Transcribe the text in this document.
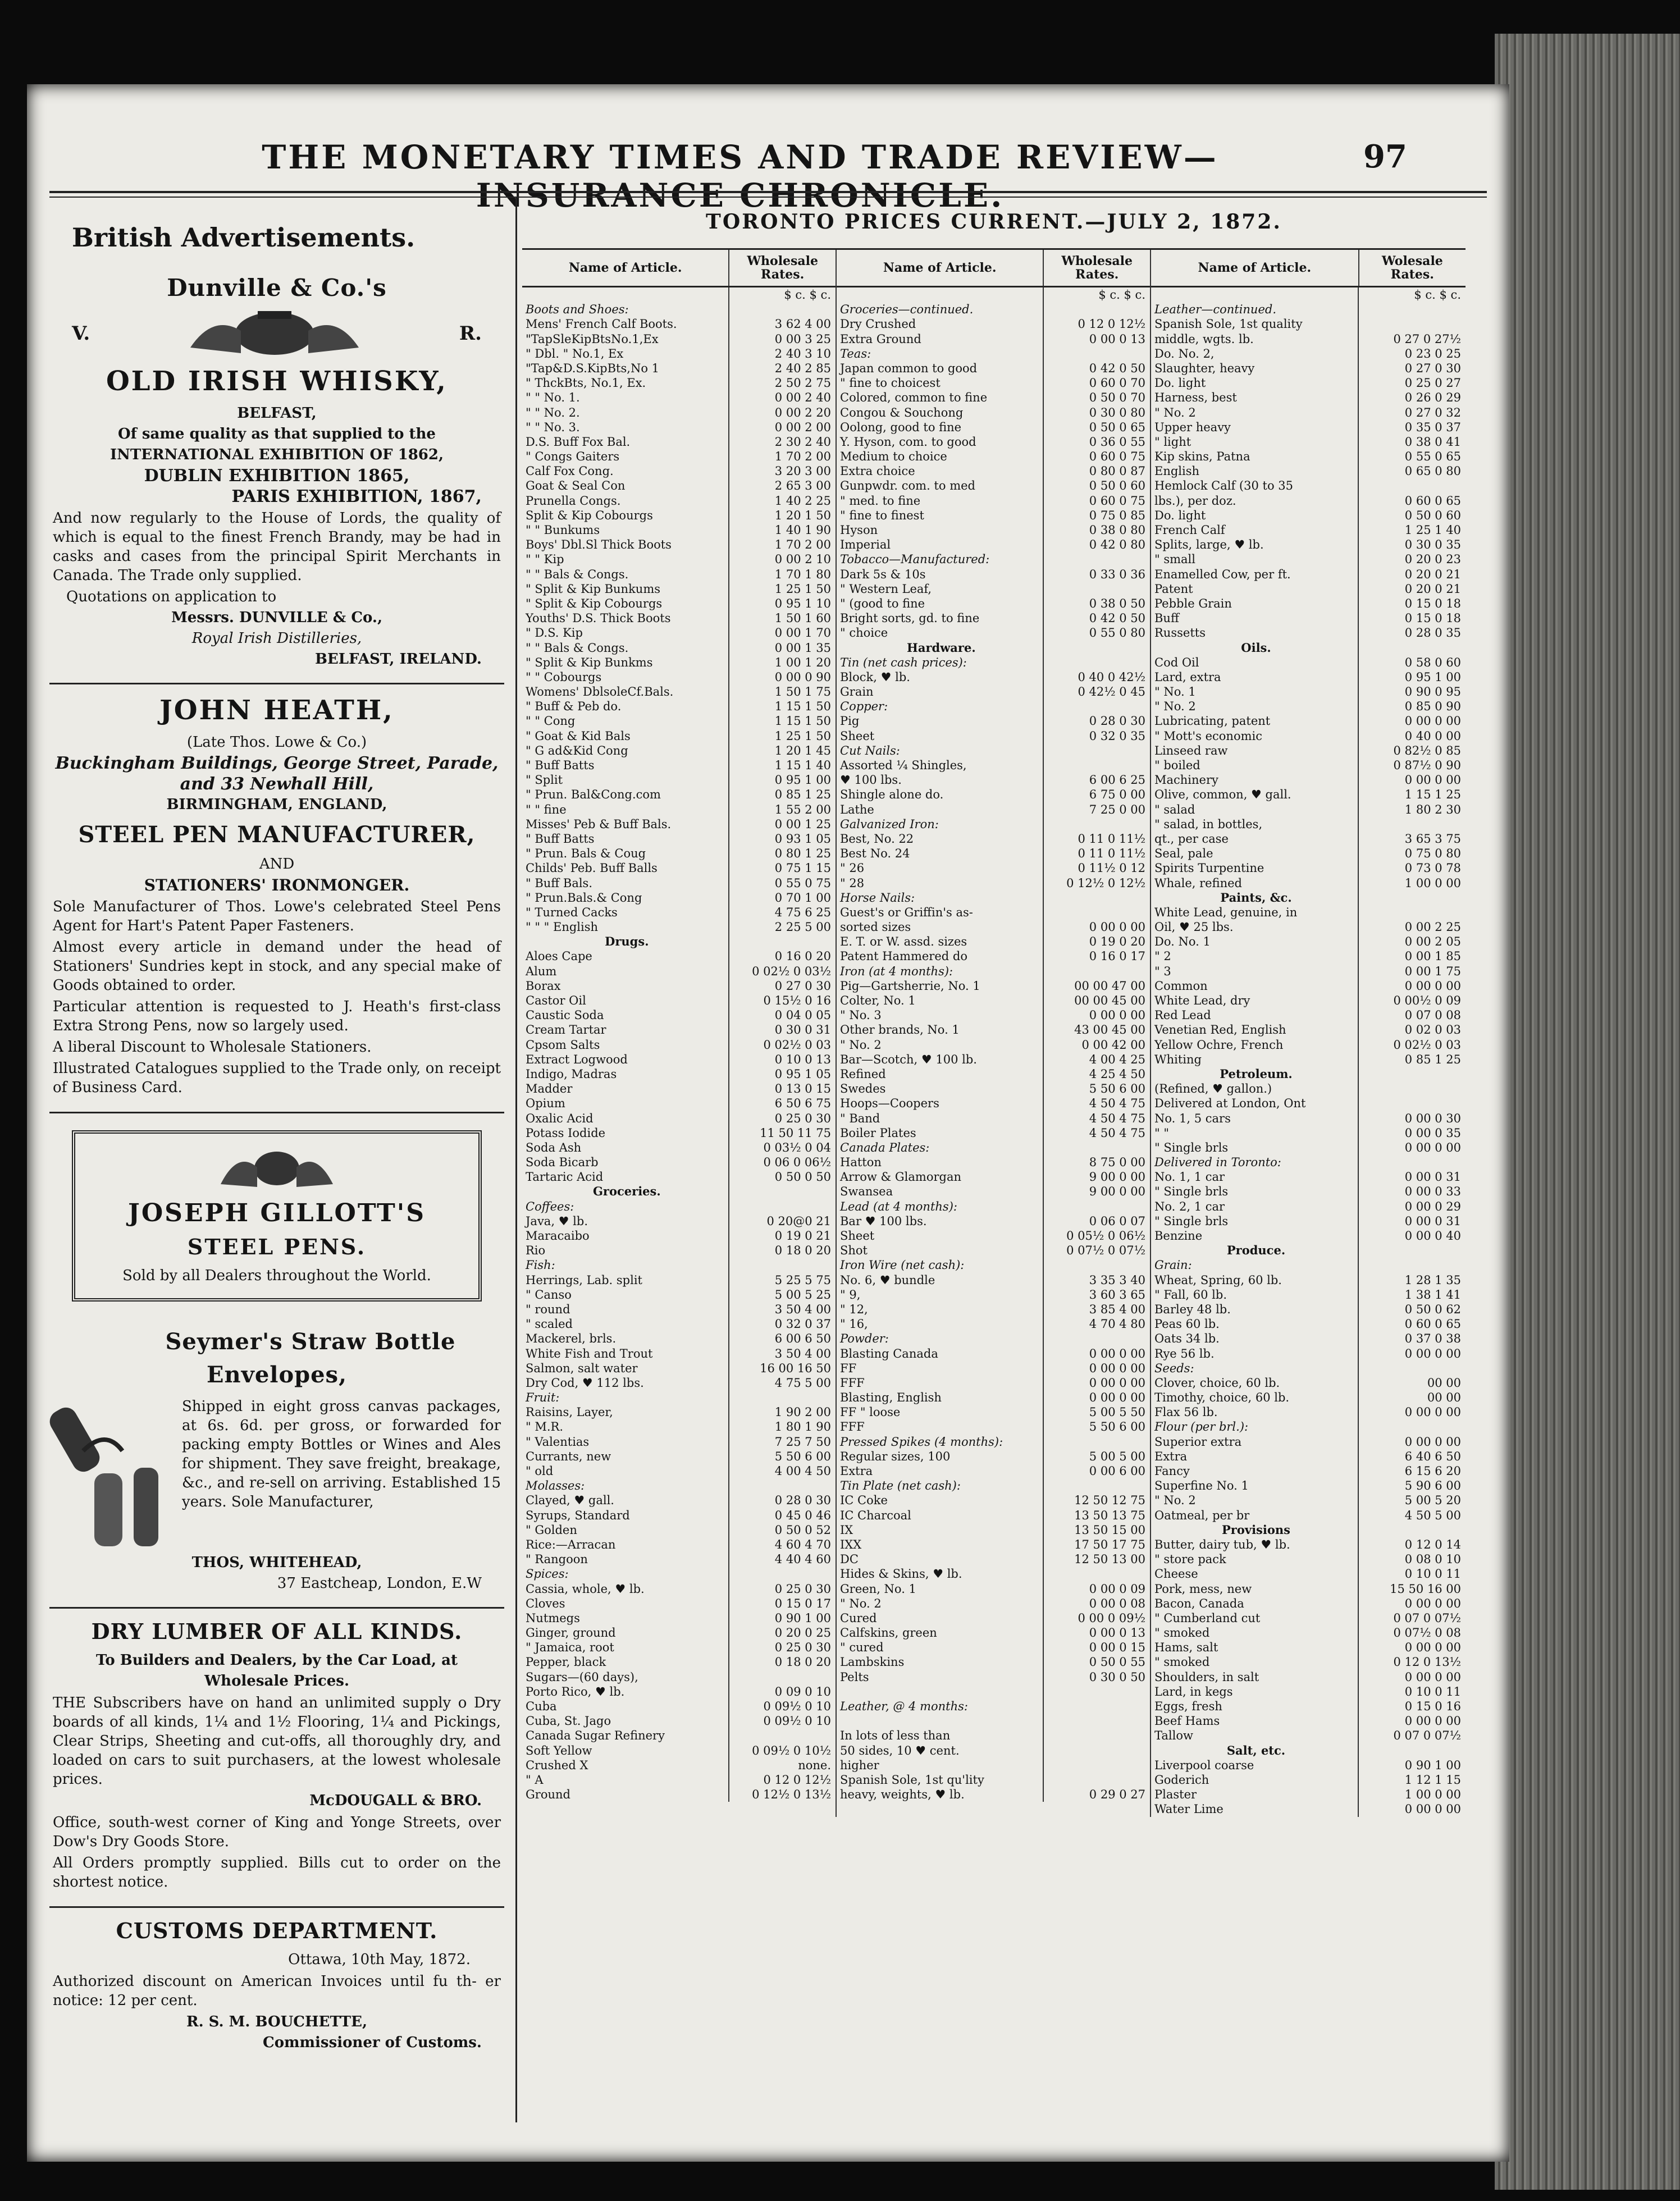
THE MONETARY TIMES AND TRADE REVIEW—INSURANCE CHRONICLE.
97
British Advertisements.
Dunville & Co.'s
V.	R.
OLD IRISH WHISKY,
BELFAST,
Of same quality as that supplied to the
INTERNATIONAL EXHIBITION OF 1862,
DUBLIN EXHIBITION 1865,
PARIS EXHIBITION, 1867,
And now regularly to the House of Lords, the quality of which is equal to the finest French Brandy, may be had in casks and cases from the principal Spirit Merchants in Canada. The Trade only supplied.
Quotations on application to
Messrs. DUNVILLE & Co.,
Royal Irish Distilleries,
BELFAST, IRELAND.
JOHN HEATH,
(Late Thos. Lowe & Co.)
Buckingham Buildings, George Street, Parade,
and 33 Newhall Hill,
BIRMINGHAM, ENGLAND,
STEEL PEN MANUFACTURER,
AND
STATIONERS' IRONMONGER.
Sole Manufacturer of Thos. Lowe's celebrated Steel Pens Agent for Hart's Patent Paper Fasteners.
Almost every article in demand under the head of Stationers' Sundries kept in stock, and any special make of Goods obtained to order.
Particular attention is requested to J. Heath's first-class Extra Strong Pens, now so largely used.
A liberal Discount to Wholesale Stationers.
Illustrated Catalogues supplied to the Trade only, on receipt of Business Card.
JOSEPH GILLOTT'S
STEEL PENS.
Sold by all Dealers throughout the World.
Seymer's Straw Bottle
Envelopes,
Shipped in eight gross canvas packages, at 6s. 6d. per gross, or forwarded for packing empty Bottles or Wines and Ales for shipment. They save freight, breakage, &c., and re-sell on arriving. Established 15 years. Sole Manufacturer,
THOS, WHITEHEAD,
37 Eastcheap, London, E.W
DRY LUMBER OF ALL KINDS.
To Builders and Dealers, by the Car Load, at
Wholesale Prices.
THE Subscribers have on hand an unlimited supply o Dry boards of all kinds, 1¼ and 1½ Flooring, 1¼ and Pickings, Clear Strips, Sheeting and cut-offs, all thoroughly dry, and loaded on cars to suit purchasers, at the lowest wholesale prices.
McDOUGALL & BRO.
Office, south-west corner of King and Yonge Streets, over Dow's Dry Goods Store.
All Orders promptly supplied. Bills cut to order on the shortest notice.
CUSTOMS DEPARTMENT.
Ottawa, 10th May, 1872.
Authorized discount on American Invoices until fu th- er notice: 12 per cent.
R. S. M. BOUCHETTE,
Commissioner of Customs.
TORONTO PRICES CURRENT.—JULY 2, 1872.
Name of Article.	Wholesale Rates.
$ c. $ c.
Boots and Shoes:
Mens' French Calf Boots.	3 62 4 00
"TapSleKipBtsNo.1,Ex	0 00 3 25
" Dbl. " No.1, Ex	2 40 3 10
"Tap&D.S.KipBts,No 1	2 40 2 85
" ThckBts, No.1, Ex.	2 50 2 75
" " No. 1.	0 00 2 40
" " No. 2.	0 00 2 20
" " No. 3.	0 00 2 00
D.S. Buff Fox Bal.	2 30 2 40
" Congs Gaiters	1 70 2 00
Calf Fox Cong.	3 20 3 00
Goat & Seal Con	2 65 3 00
Prunella Congs.	1 40 2 25
Split & Kip Cobourgs	1 20 1 50
" " Bunkums	1 40 1 90
Boys' Dbl.Sl Thick Boots	1 70 2 00
" " Kip	0 00 2 10
" " Bals & Congs.	1 70 1 80
" Split & Kip Bunkums	1 25 1 50
" Split & Kip Cobourgs	0 95 1 10
Youths' D.S. Thick Boots	1 50 1 60
" D.S. Kip	0 00 1 70
" " Bals & Congs.	0 00 1 35
" Split & Kip Bunkms	1 00 1 20
" " Cobourgs	0 00 0 90
Womens' DblsoleCf.Bals.	1 50 1 75
" Buff & Peb do.	1 15 1 50
" " Cong	1 15 1 50
" Goat & Kid Bals	1 25 1 50
" G ad&Kid Cong	1 20 1 45
" Buff Batts	1 15 1 40
" Split	0 95 1 00
" Prun. Bal&Cong.com	0 85 1 25
" " fine	1 55 2 00
Misses' Peb & Buff Bals.	0 00 1 25
" Buff Batts	0 93 1 05
" Prun. Bals & Coug	0 80 1 25
Childs' Peb. Buff Balls	0 75 1 15
" Buff Bals.	0 55 0 75
" Prun.Bals.& Cong	0 70 1 00
" Turned Cacks	4 75 6 25
" " " English	2 25 5 00
Drugs.
Aloes Cape	0 16 0 20
Alum	0 02½ 0 03½
Borax	0 27 0 30
Castor Oil	0 15½ 0 16
Caustic Soda	0 04 0 05
Cream Tartar	0 30 0 31
Cpsom Salts	0 02½ 0 03
Extract Logwood	0 10 0 13
Indigo, Madras	0 95 1 05
Madder	0 13 0 15
Opium	6 50 6 75
Oxalic Acid	0 25 0 30
Potass Iodide	11 50 11 75
Soda Ash	0 03½ 0 04
Soda Bicarb	0 06 0 06½
Tartaric Acid	0 50 0 50
Groceries.
Coffees:
Java, ♥ lb.	0 20@0 21
Maracaibo	0 19 0 21
Rio	0 18 0 20
Fish:
Herrings, Lab. split	5 25 5 75
" Canso	5 00 5 25
" round	3 50 4 00
" scaled	0 32 0 37
Mackerel, brls.	6 00 6 50
White Fish and Trout	3 50 4 00
Salmon, salt water	16 00 16 50
Dry Cod, ♥ 112 lbs.	4 75 5 00
Fruit:
Raisins, Layer,	1 90 2 00
" M.R.	1 80 1 90
" Valentias	7 25 7 50
Currants, new	5 50 6 00
" old	4 00 4 50
Molasses:
Clayed, ♥ gall.	0 28 0 30
Syrups, Standard	0 45 0 46
" Golden	0 50 0 52
Rice:—Arracan	4 60 4 70
" Rangoon	4 40 4 60
Spices:
Cassia, whole, ♥ lb.	0 25 0 30
Cloves	0 15 0 17
Nutmegs	0 90 1 00
Ginger, ground	0 20 0 25
" Jamaica, root	0 25 0 30
Pepper, black	0 18 0 20
Sugars—(60 days),
Porto Rico, ♥ lb.	0 09 0 10
Cuba	0 09½ 0 10
Cuba, St. Jago	0 09½ 0 10
Canada Sugar Refinery
Soft Yellow	0 09½ 0 10½
Crushed X	none.
" A	0 12 0 12½
Ground	0 12½ 0 13½
Name of Article.	Wholesale Rates.
$ c. $ c.
Groceries—continued.
Dry Crushed	0 12 0 12½
Extra Ground	0 00 0 13
Teas:
Japan common to good	0 42 0 50
" fine to choicest	0 60 0 70
Colored, common to fine	0 50 0 70
Congou & Souchong	0 30 0 80
Oolong, good to fine	0 50 0 65
Y. Hyson, com. to good	0 36 0 55
Medium to choice	0 60 0 75
Extra choice	0 80 0 87
Gunpwdr. com. to med	0 50 0 60
" med. to fine	0 60 0 75
" fine to finest	0 75 0 85
Hyson	0 38 0 80
Imperial	0 42 0 80
Tobacco—Manufactured:
Dark 5s & 10s	0 33 0 36
" Western Leaf,
" (good to fine	0 38 0 50
Bright sorts, gd. to fine	0 42 0 50
" choice	0 55 0 80
Hardware.
Tin (net cash prices):
Block, ♥ lb.	0 40 0 42½
Grain	0 42½ 0 45
Copper:
Pig	0 28 0 30
Sheet	0 32 0 35
Cut Nails:
Assorted ¼ Shingles,
♥ 100 lbs.	6 00 6 25
Shingle alone do.	6 75 0 00
Lathe	7 25 0 00
Galvanized Iron:
Best, No. 22	0 11 0 11½
Best No. 24	0 11 0 11½
" 26	0 11½ 0 12
" 28	0 12½ 0 12½
Horse Nails:
Guest's or Griffin's as-
sorted sizes	0 00 0 00
E. T. or W. assd. sizes	0 19 0 20
Patent Hammered do	0 16 0 17
Iron (at 4 months):
Pig—Gartsherrie, No. 1	00 00 47 00
Colter, No. 1	00 00 45 00
" No. 3	0 00 0 00
Other brands, No. 1	43 00 45 00
" No. 2	0 00 42 00
Bar—Scotch, ♥ 100 lb.	4 00 4 25
Refined	4 25 4 50
Swedes	5 50 6 00
Hoops—Coopers	4 50 4 75
" Band	4 50 4 75
Boiler Plates	4 50 4 75
Canada Plates:
Hatton	8 75 0 00
Arrow & Glamorgan	9 00 0 00
Swansea	9 00 0 00
Lead (at 4 months):
Bar ♥ 100 lbs.	0 06 0 07
Sheet	0 05½ 0 06½
Shot	0 07½ 0 07½
Iron Wire (net cash):
No. 6, ♥ bundle	3 35 3 40
" 9,	3 60 3 65
" 12,	3 85 4 00
" 16,	4 70 4 80
Powder:
Blasting Canada	0 00 0 00
FF	0 00 0 00
FFF	0 00 0 00
Blasting, English	0 00 0 00
FF " loose	5 00 5 50
FFF	5 50 6 00
Pressed Spikes (4 months):
Regular sizes, 100	5 00 5 00
Extra	0 00 6 00
Tin Plate (net cash):
IC Coke	12 50 12 75
IC Charcoal	13 50 13 75
IX	13 50 15 00
IXX	17 50 17 75
DC	12 50 13 00
Hides & Skins, ♥ lb.
Green, No. 1	0 00 0 09
" No. 2	0 00 0 08
Cured	0 00 0 09½
Calfskins, green	0 00 0 13
" cured	0 00 0 15
Lambskins	0 50 0 55
Pelts	0 30 0 50
Leather, @ 4 months:
In lots of less than
50 sides, 10 ♥ cent.
higher
Spanish Sole, 1st qu'lity
heavy, weights, ♥ lb.	0 29 0 27
Name of Article.	Wolesale Rates.
$ c. $ c.
Leather—continued.
Spanish Sole, 1st quality
middle, wgts. lb.	0 27 0 27½
Do. No. 2,	0 23 0 25
Slaughter, heavy	0 27 0 30
Do. light	0 25 0 27
Harness, best	0 26 0 29
" No. 2	0 27 0 32
Upper heavy	0 35 0 37
" light	0 38 0 41
Kip skins, Patna	0 55 0 65
English	0 65 0 80
Hemlock Calf (30 to 35
lbs.), per doz.	0 60 0 65
Do. light	0 50 0 60
French Calf	1 25 1 40
Splits, large, ♥ lb.	0 30 0 35
" small	0 20 0 23
Enamelled Cow, per ft.	0 20 0 21
Patent	0 20 0 21
Pebble Grain	0 15 0 18
Buff	0 15 0 18
Russetts	0 28 0 35
Oils.
Cod Oil	0 58 0 60
Lard, extra	0 95 1 00
" No. 1	0 90 0 95
" No. 2	0 85 0 90
Lubricating, patent	0 00 0 00
" Mott's economic	0 40 0 00
Linseed raw	0 82½ 0 85
" boiled	0 87½ 0 90
Machinery	0 00 0 00
Olive, common, ♥ gall.	1 15 1 25
" salad	1 80 2 30
" salad, in bottles,
qt., per case	3 65 3 75
Seal, pale	0 75 0 80
Spirits Turpentine	0 73 0 78
Whale, refined	1 00 0 00
Paints, &c.
White Lead, genuine, in
Oil, ♥ 25 lbs.	0 00 2 25
Do. No. 1	0 00 2 05
" 2	0 00 1 85
" 3	0 00 1 75
Common	0 00 0 00
White Lead, dry	0 00½ 0 09
Red Lead	0 07 0 08
Venetian Red, English	0 02 0 03
Yellow Ochre, French	0 02½ 0 03
Whiting	0 85 1 25
Petroleum.
(Refined, ♥ gallon.)
Delivered at London, Ont
No. 1, 5 cars	0 00 0 30
" "	0 00 0 35
" Single brls	0 00 0 00
Delivered in Toronto:
No. 1, 1 car	0 00 0 31
" Single brls	0 00 0 33
No. 2, 1 car	0 00 0 29
" Single brls	0 00 0 31
Benzine	0 00 0 40
Produce.
Grain:
Wheat, Spring, 60 lb.	1 28 1 35
" Fall, 60 lb.	1 38 1 41
Barley 48 lb.	0 50 0 62
Peas 60 lb.	0 60 0 65
Oats 34 lb.	0 37 0 38
Rye 56 lb.	0 00 0 00
Seeds:
Clover, choice, 60 lb.	00 00
Timothy, choice, 60 lb.	00 00
Flax 56 lb.	0 00 0 00
Flour (per brl.):
Superior extra	0 00 0 00
Extra	6 40 6 50
Fancy	6 15 6 20
Superfine No. 1	5 90 6 00
" No. 2	5 00 5 20
Oatmeal, per br	4 50 5 00
Provisions
Butter, dairy tub, ♥ lb.	0 12 0 14
" store pack	0 08 0 10
Cheese	0 10 0 11
Pork, mess, new	15 50 16 00
Bacon, Canada	0 00 0 00
" Cumberland cut	0 07 0 07½
" smoked	0 07½ 0 08
Hams, salt	0 00 0 00
" smoked	0 12 0 13½
Shoulders, in salt	0 00 0 00
Lard, in kegs	0 10 0 11
Eggs, fresh	0 15 0 16
Beef Hams	0 00 0 00
Tallow	0 07 0 07½
Salt, etc.
Liverpool coarse	0 90 1 00
Goderich	1 12 1 15
Plaster	1 00 0 00
Water Lime	0 00 0 00
